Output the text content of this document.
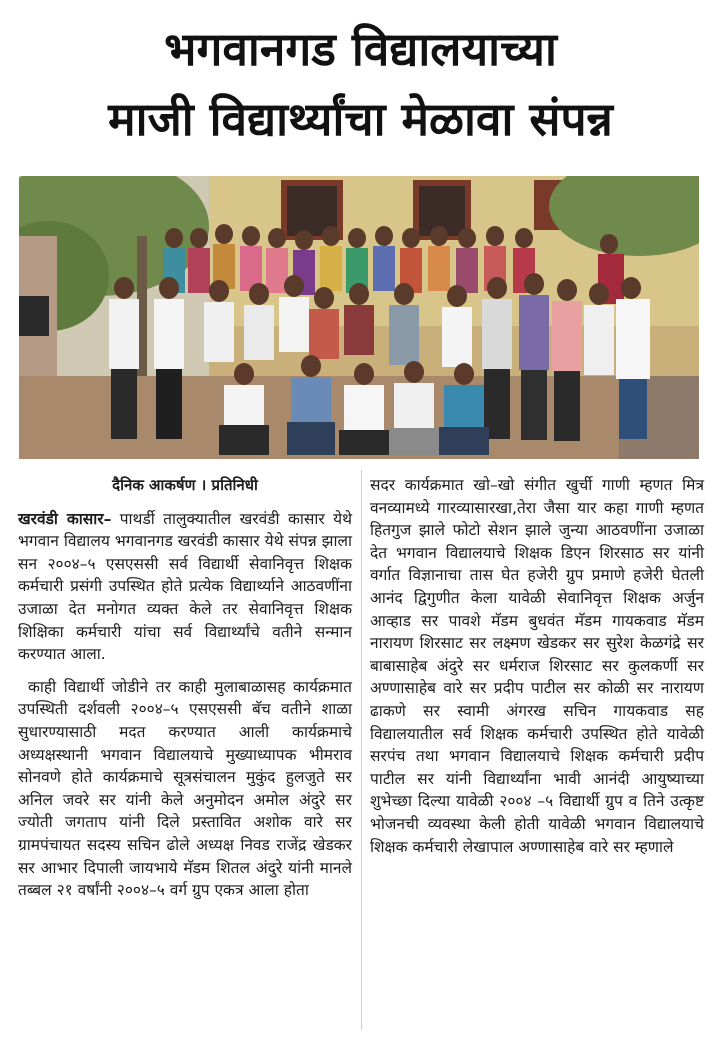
भगवानगड विद्यालयाच्या
माजी विद्यार्थ्यांचा मेळावा संपन्न
दैनिक आकर्षण । प्रतिनिधी

खरवंडी कासार– पाथर्डी तालुक्यातील खरवंडी कासार येथे भगवान विद्यालय भगवानगड खरवंडी कासार येथे संपन्न झाला सन २००४–५ एसएससी सर्व विद्यार्थी सेवानिवृत्त शिक्षक कर्मचारी प्रसंगी उपस्थित होते प्रत्येक विद्यार्थ्याने आठवणींना उजाळा देत मनोगत व्यक्त केले तर सेवानिवृत्त शिक्षक शिक्षिका कर्मचारी यांचा सर्व विद्यार्थ्यांचे वतीने सन्मान करण्यात आला.

काही विद्यार्थी जोडीने तर काही मुलाबाळासह कार्यक्रमात उपस्थिती दर्शवली २००४–५ एसएससी बॅच वतीने शाळा सुधारण्यासाठी मदत करण्यात आली कार्यक्रमाचे अध्यक्षस्थानी भगवान विद्यालयाचे मुख्याध्यापक भीमराव सोनवणे होते कार्यक्रमाचे सूत्रसंचालन मुकुंद हुलजुते सर अनिल जवरे सर यांनी केले अनुमोदन अमोल अंदुरे सर ज्योती जगताप यांनी दिले प्रस्तावित अशोक वारे सर ग्रामपंचायत सदस्य सचिन ढोले अध्यक्ष निवड राजेंद्र खेडकर सर आभार दिपाली जायभाये मॅडम शितल अंदुरे यांनी मानले तब्बल २१ वर्षांनी २००४–५ वर्ग ग्रुप एकत्र आला होता

सदर कार्यक्रमात खो–खो संगीत खुर्ची गाणी म्हणत मित्र वनव्यामध्ये गारव्यासारखा,तेरा जैसा यार कहा गाणी म्हणत हितगुज झाले फोटो सेशन झाले जुन्या आठवणींना उजाळा देत भगवान विद्यालयाचे शिक्षक डिएन शिरसाठ सर यांनी वर्गात विज्ञानाचा तास घेत हजेरी ग्रुप प्रमाणे हजेरी घेतली आनंद द्विगुणीत केला यावेळी सेवानिवृत्त शिक्षक अर्जुन आव्हाड सर पावशे मॅडम बुधवंत मॅडम गायकवाड मॅडम नारायण शिरसाट सर लक्ष्मण खेडकर सर सुरेश केळगंद्रे सर बाबासाहेब अंदुरे सर धर्मराज शिरसाट सर कुलकर्णी सर अण्णासाहेब वारे सर प्रदीप पाटील सर कोळी सर नारायण ढाकणे सर स्वामी अंगरख सचिन गायकवाड सह विद्यालयातील सर्व शिक्षक कर्मचारी उपस्थित होते यावेळी सरपंच तथा भगवान विद्यालयाचे शिक्षक कर्मचारी प्रदीप पाटील सर यांनी विद्यार्थ्यांना भावी आनंदी आयुष्याच्या शुभेच्छा दिल्या यावेळी २००४ –५ विद्यार्थी ग्रुप व तिने उत्कृष्ट भोजनची व्यवस्था केली होती यावेळी भगवान विद्यालयाचे शिक्षक कर्मचारी लेखापाल अण्णासाहेब वारे सर म्हणाले
